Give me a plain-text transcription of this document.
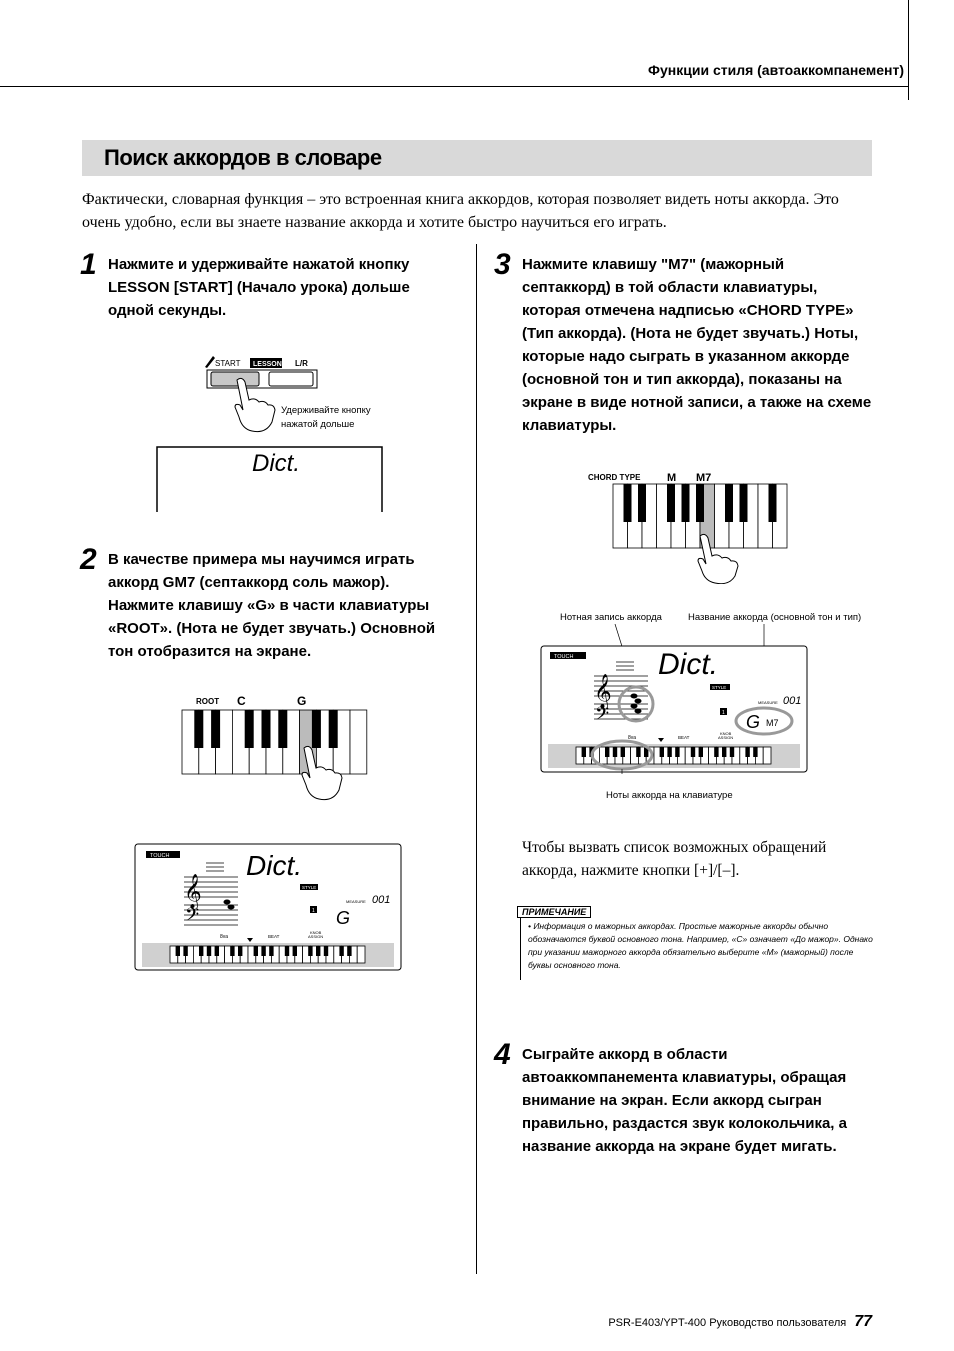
Функции стиля (автоаккомпанемент)
Поиск аккордов в словаре
Фактически, словарная функция – это встроенная книга аккордов, которая позволяет видеть ноты аккорда. Это очень удобно, если вы знаете название аккорда и хотите быстро научиться его играть.
1 Нажмите и удерживайте нажатой кнопку LESSON [START] (Начало урока) дольше одной секунды.
START LESSON L/R
Удерживайте кнопку
нажатой дольше
Dict.
2 В качестве примера мы научимся играть аккорд GM7 (септаккорд соль мажор). Нажмите клавишу «G» в части клавиатуры «ROOT». (Нота не будет звучать.) Основной тон отобразится на экране.
ROOT C	G
TOUCH	Dict.
𝄞
𝄢
STYLE
MEASURE 001
1 G
8va	BEAT
KNOB
ASSIGN
3 Нажмите клавишу "M7" (мажорный септаккорд) в той области клавиатуры, которая отмечена надписью «CHORD TYPE» (Тип аккорда). (Нота не будет звучать.) Ноты, которые надо сыграть в указанном аккорде (основной тон и тип аккорда), показаны на экране в виде нотной записи, а также на схеме клавиатуры.
CHORD TYPE M M7
Нотная запись аккорда	Название аккорда (основной тон и тип)
TOUCH	Dict.
𝄞
𝄢
STYLE
MEASURE 001
1 G M7
8va	BEAT
KNOB
ASSIGN
Ноты аккорда на клавиатуре
Чтобы вызвать список возможных обращений аккорда, нажмите кнопки [+]/[–].
ПРИМЕЧАНИЕ
• Информация о мажорных аккордах. Простые мажорные аккорды обычно обозначаются буквой основного тона. Например, «С» означает «До мажор». Однако при указании мажорного аккорда обязательно выберите «М» (мажорный) после буквы основного тона.
4 Сыграйте аккорд в области автоаккомпанемента клавиатуры, обращая внимание на экран. Если аккорд сыгран правильно, раздастся звук колокольчика, а название аккорда на экране будет мигать.
PSR-E403/YPT-400 Руководство пользователя 77
